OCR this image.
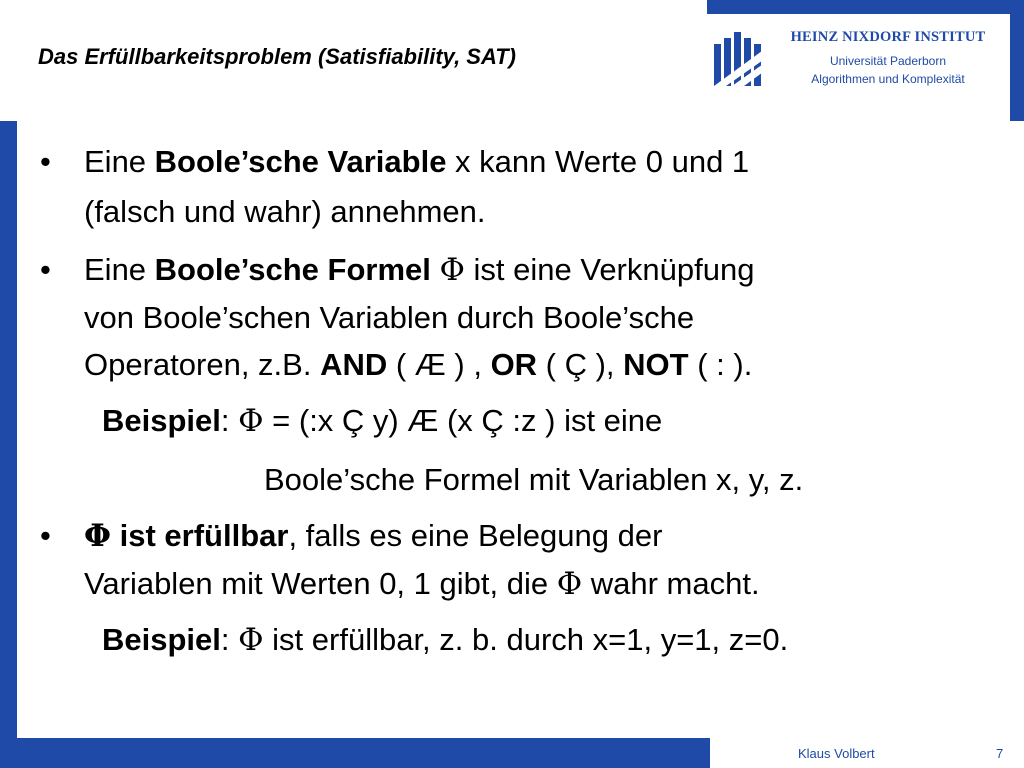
Das Erfüllbarkeitsproblem (Satisfiability, SAT)
HEINZ NIXDORF INSTITUT
Universität Paderborn
Algorithmen und Komplexität
• Eine Boole’sche Variable x kann Werte 0 und 1
(falsch und wahr) annehmen.
• Eine Boole’sche Formel Φ ist eine Verknüpfung
von Boole’schen Variablen durch Boole’sche
Operatoren, z.B. AND ( Æ ) , OR ( Ç ), NOT ( : ).
Beispiel: Φ = (:x Ç y) Æ (x Ç :z ) ist eine
Boole’sche Formel mit Variablen x, y, z.
• Φ ist erfüllbar, falls es eine Belegung der
Variablen mit Werten 0, 1 gibt, die Φ wahr macht.
Beispiel: Φ ist erfüllbar, z. b. durch x=1, y=1, z=0.
Klaus Volbert	7
